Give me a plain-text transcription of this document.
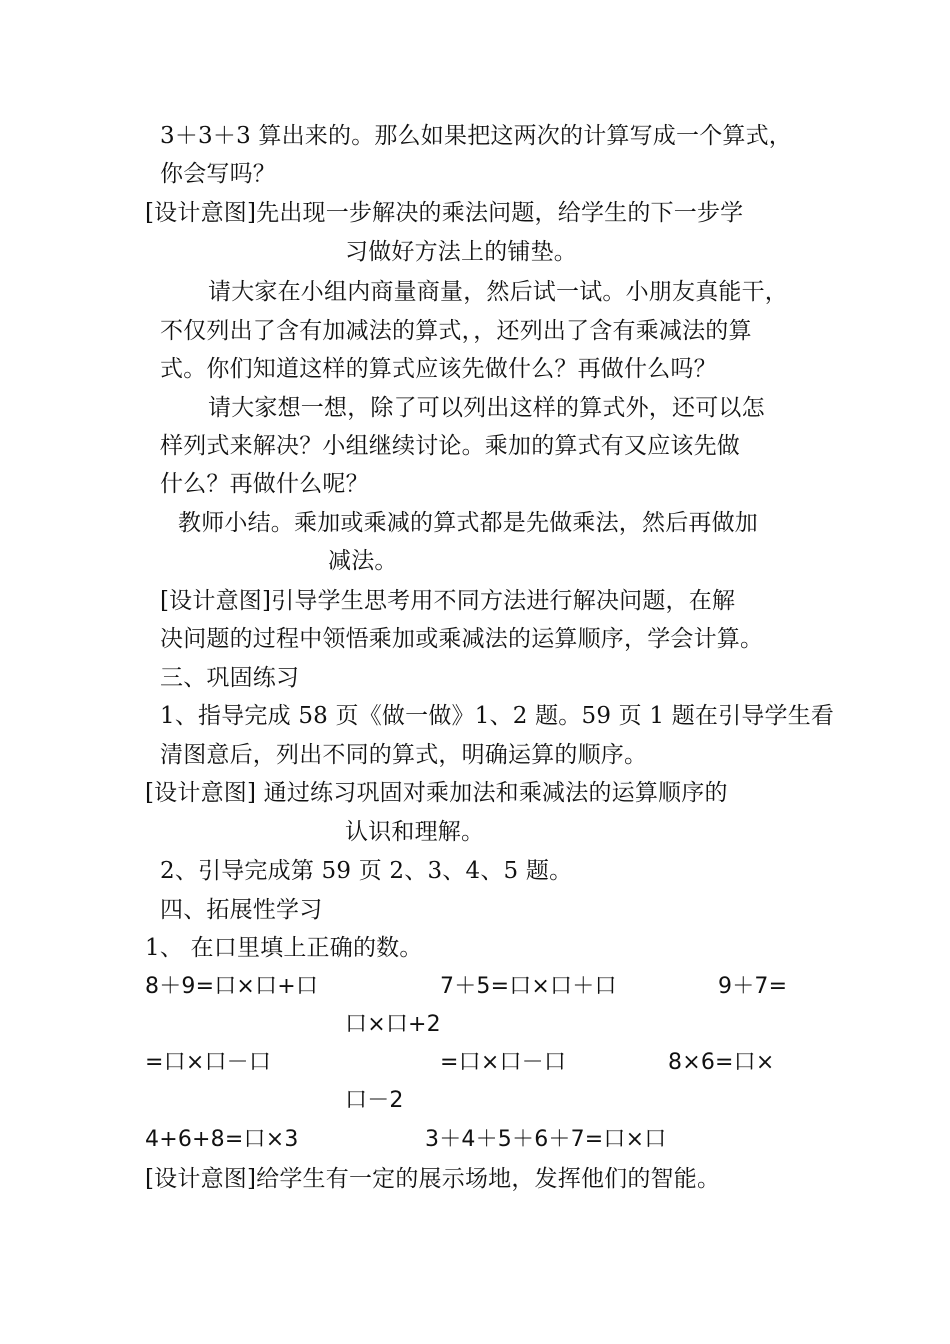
3＋3＋3 算出来的。那么如果把这两次的计算写成一个算式，
你会写吗？
[设计意图]先出现一步解决的乘法问题，给学生的下一步学
习做好方法上的铺垫。
请大家在小组内商量商量，然后试一试。小朋友真能干，
不仅列出了含有加减法的算式，，还列出了含有乘减法的算
式。你们知道这样的算式应该先做什么？再做什么吗？
请大家想一想，除了可以列出这样的算式外，还可以怎
样列式来解决？小组继续讨论。乘加的算式有又应该先做
什么？再做什么呢？
教师小结。乘加或乘减的算式都是先做乘法，然后再做加
减法。
[设计意图]引导学生思考用不同方法进行解决问题，在解
决问题的过程中领悟乘加或乘减法的运算顺序，学会计算。
三、巩固练习
1、指导完成 58 页《做一做》1、2 题。59 页 1 题在引导学生看
清图意后，列出不同的算式，明确运算的顺序。
[设计意图] 通过练习巩固对乘加法和乘减法的运算顺序的
认识和理解。
2、引导完成第 59 页 2、3、4、5 题。
四、拓展性学习
1、 在口里填上正确的数。
8＋9=口×口+口	7＋5=口×口＋口	9＋7=
口×口+2
=口×口－口	=口×口－口	8×6=口×
口－2
4+6+8=口×3	3＋4＋5＋6＋7=口×口
[设计意图]给学生有一定的展示场地，发挥他们的智能。
